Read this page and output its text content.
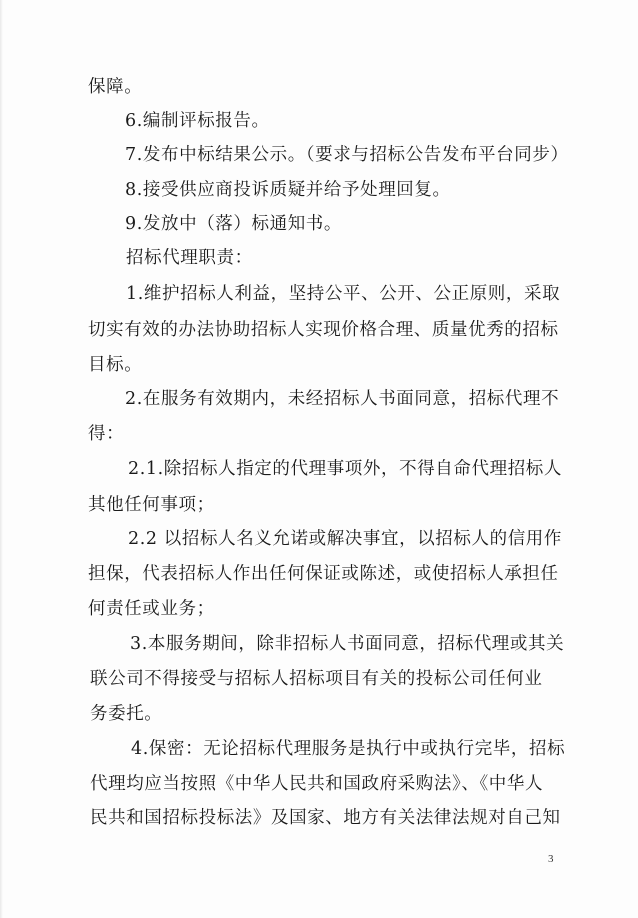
保障。
6.编制评标报告。
7.发布中标结果公示。（要求与招标公告发布平台同步）
8.接受供应商投诉质疑并给予处理回复。
9.发放中（落）标通知书。
招标代理职责：
1.维护招标人利益，坚持公平、公开、公正原则，采取
切实有效的办法协助招标人实现价格合理、质量优秀的招标
目标。
2.在服务有效期内，未经招标人书面同意，招标代理不
得：
2.1.除招标人指定的代理事项外，不得自命代理招标人
其他任何事项；
2.2 以招标人名义允诺或解决事宜，以招标人的信用作
担保，代表招标人作出任何保证或陈述，或使招标人承担任
何责任或业务；
3.本服务期间，除非招标人书面同意，招标代理或其关
联公司不得接受与招标人招标项目有关的投标公司任何业
务委托。
4.保密：无论招标代理服务是执行中或执行完毕，招标
代理均应当按照《中华人民共和国政府采购法》、《中华人
民共和国招标投标法》及国家、地方有关法律法规对自己知
3
